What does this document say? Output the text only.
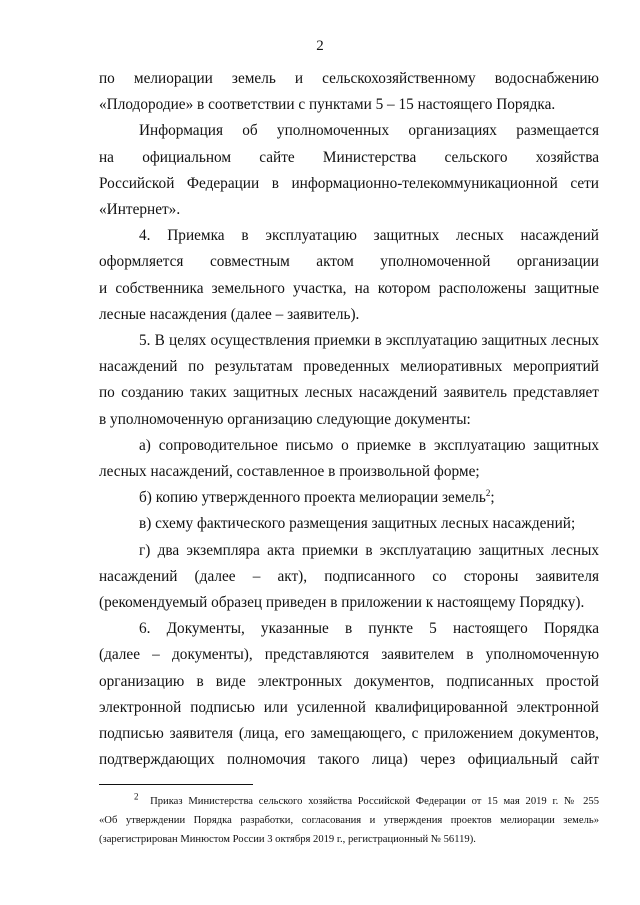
2
по мелиорации земель и сельскохозяйственному водоснабжению
«Плодородие» в соответствии с пунктами 5 – 15 настоящего Порядка.
Информация об уполномоченных организациях размещается
на официальном сайте Министерства сельского хозяйства
Российской Федерации в информационно-телекоммуникационной сети
«Интернет».
4. Приемка в эксплуатацию защитных лесных насаждений
оформляется совместным актом уполномоченной организации
и собственника земельного участка, на котором расположены защитные
лесные насаждения (далее – заявитель).
5. В целях осуществления приемки в эксплуатацию защитных лесных
насаждений по результатам проведенных мелиоративных мероприятий
по созданию таких защитных лесных насаждений заявитель представляет
в уполномоченную организацию следующие документы:
а) сопроводительное письмо о приемке в эксплуатацию защитных
лесных насаждений, составленное в произвольной форме;
б) копию утвержденного проекта мелиорации земель$^2$;
в) схему фактического размещения защитных лесных насаждений;
г) два экземпляра акта приемки в эксплуатацию защитных лесных
насаждений (далее – акт), подписанного со стороны заявителя
(рекомендуемый образец приведен в приложении к настоящему Порядку).
6. Документы, указанные в пункте 5 настоящего Порядка
(далее – документы), представляются заявителем в уполномоченную
организацию в виде электронных документов, подписанных простой
электронной подписью или усиленной квалифицированной электронной
подписью заявителя (лица, его замещающего, с приложением документов,
подтверждающих полномочия такого лица) через официальный сайт
$^2$ Приказ Министерства сельского хозяйства Российской Федерации от 15 мая 2019 г. № 255
«Об утверждении Порядка разработки, согласования и утверждения проектов мелиорации земель»
(зарегистрирован Минюстом России 3 октября 2019 г., регистрационный № 56119).
